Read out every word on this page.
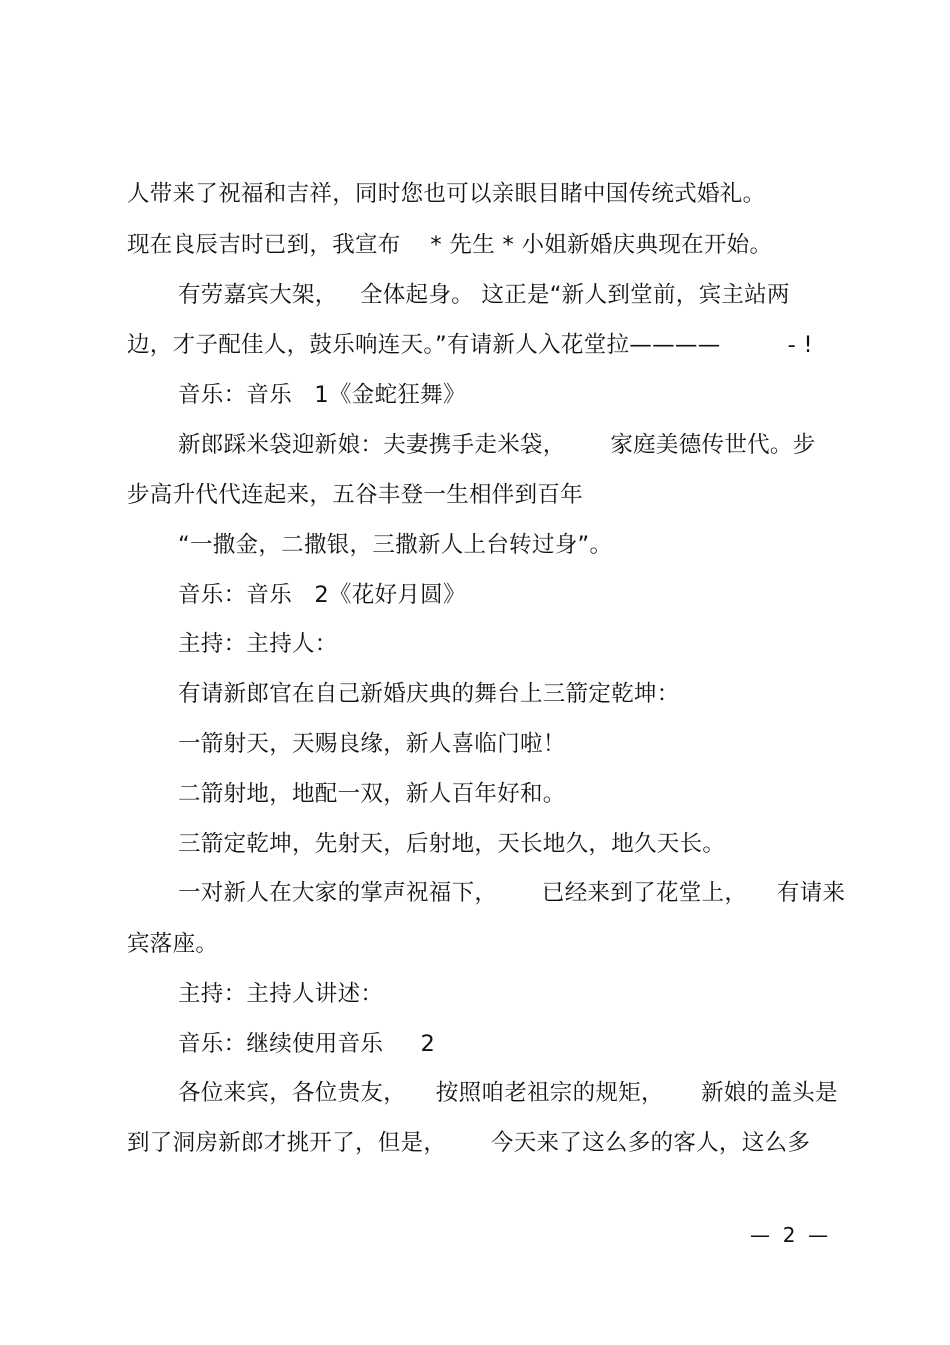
人带来了祝福和吉祥，同时您也可以亲眼目睹中国传统式婚礼。
现在良辰吉时已到，我宣布    * 先生 * 小姐新婚庆典现在开始。
有劳嘉宾大架，   全体起身。 这正是“新人到堂前，宾主站两
边，才子配佳人，鼓乐响连天。”有请新人入花堂拉————         - !
音乐：音乐   1《金蛇狂舞》
新郎踩米袋迎新娘：夫妻携手走米袋，      家庭美德传世代。步
步高升代代连起来，五谷丰登一生相伴到百年
“一撒金，二撒银，三撒新人上台转过身”。
音乐：音乐   2《花好月圆》
主持：主持人：
有请新郎官在自己新婚庆典的舞台上三箭定乾坤：
一箭射天，天赐良缘，新人喜临门啦！
二箭射地，地配一双，新人百年好和。
三箭定乾坤，先射天，后射地，天长地久，地久天长。
一对新人在大家的掌声祝福下，      已经来到了花堂上，    有请来
宾落座。
主持：主持人讲述：
音乐：继续使用音乐     2
各位来宾，各位贵友，    按照咱老祖宗的规矩，     新娘的盖头是
到了洞房新郎才挑开了，但是，      今天来了这么多的客人，这么多
—  2  —
